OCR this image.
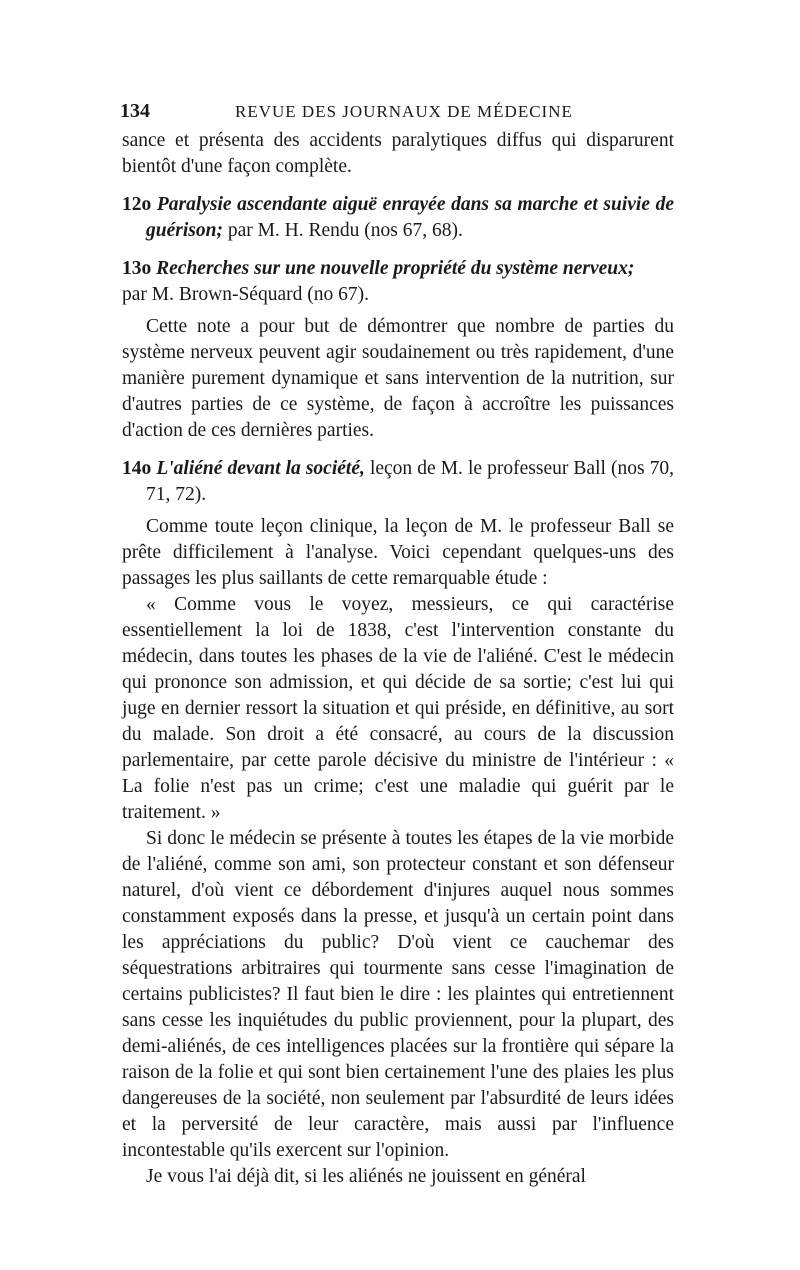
134	REVUE DES JOURNAUX DE MÉDECINE

sance et présenta des accidents paralytiques diffus qui disparurent bientôt d'une façon complète.

12o Paralysie ascendante aiguë enrayée dans sa marche et suivie de guérison; par M. H. Rendu (nos 67, 68).

13o Recherches sur une nouvelle propriété du système nerveux;

par M. Brown-Séquard (no 67).

Cette note a pour but de démontrer que nombre de parties du système nerveux peuvent agir soudainement ou très rapidement, d'une manière purement dynamique et sans intervention de la nutrition, sur d'autres parties de ce système, de façon à accroître les puissances d'action de ces dernières parties.

14o L'aliéné devant la société, leçon de M. le professeur Ball (nos 70, 71, 72).

Comme toute leçon clinique, la leçon de M. le professeur Ball se prête difficilement à l'analyse. Voici cependant quelques-uns des passages les plus saillants de cette remarquable étude :

« Comme vous le voyez, messieurs, ce qui caractérise essentiellement la loi de 1838, c'est l'intervention constante du médecin, dans toutes les phases de la vie de l'aliéné. C'est le médecin qui prononce son admission, et qui décide de sa sortie; c'est lui qui juge en dernier ressort la situation et qui préside, en définitive, au sort du malade. Son droit a été consacré, au cours de la discussion parlementaire, par cette parole décisive du ministre de l'intérieur : « La folie n'est pas un crime; c'est une maladie qui guérit par le traitement. »

Si donc le médecin se présente à toutes les étapes de la vie morbide de l'aliéné, comme son ami, son protecteur constant et son défenseur naturel, d'où vient ce débordement d'injures auquel nous sommes constamment exposés dans la presse, et jusqu'à un certain point dans les appréciations du public? D'où vient ce cauchemar des séquestrations arbitraires qui tourmente sans cesse l'imagination de certains publicistes? Il faut bien le dire : les plaintes qui entretiennent sans cesse les inquiétudes du public proviennent, pour la plupart, des demi-aliénés, de ces intelligences placées sur la frontière qui sépare la raison de la folie et qui sont bien certainement l'une des plaies les plus dangereuses de la société, non seulement par l'absurdité de leurs idées et la perversité de leur caractère, mais aussi par l'influence incontestable qu'ils exercent sur l'opinion.

Je vous l'ai déjà dit, si les aliénés ne jouissent en général
